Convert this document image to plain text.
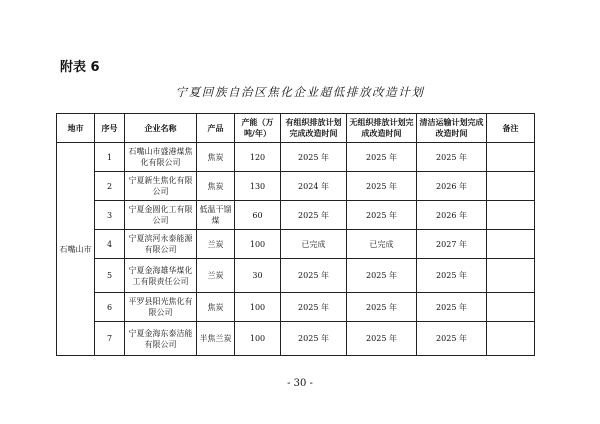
附表 6
宁夏回族自治区焦化企业超低排放改造计划
地市	序号	企业名称	产品	产能（万吨/年）	有组织排放计划完成改造时间	无组织排放计划完成改造时间	清洁运输计划完成改造时间	备注
石嘴山市	1	石嘴山市盛港煤焦化有限公司	焦炭	120	2025 年	2025 年	2025 年	
	2	宁夏新生焦化有限公司	焦炭	130	2024 年	2025 年	2026 年	
	3	宁夏金圆化工有限公司	低温干馏煤	60	2025 年	2025 年	2026 年	
	4	宁夏滨河永泰能源有限公司	兰炭	100	已完成	已完成	2027 年	
	5	宁夏金海雄华煤化工有限责任公司	兰炭	30	2025 年	2025 年	2025 年	
	6	平罗县阳光焦化有限公司	焦炭	100	2025 年	2025 年	2025 年	
	7	宁夏金海东泰洁能有限公司	半焦兰炭	100	2025 年	2025 年	2025 年	
- 30 -
